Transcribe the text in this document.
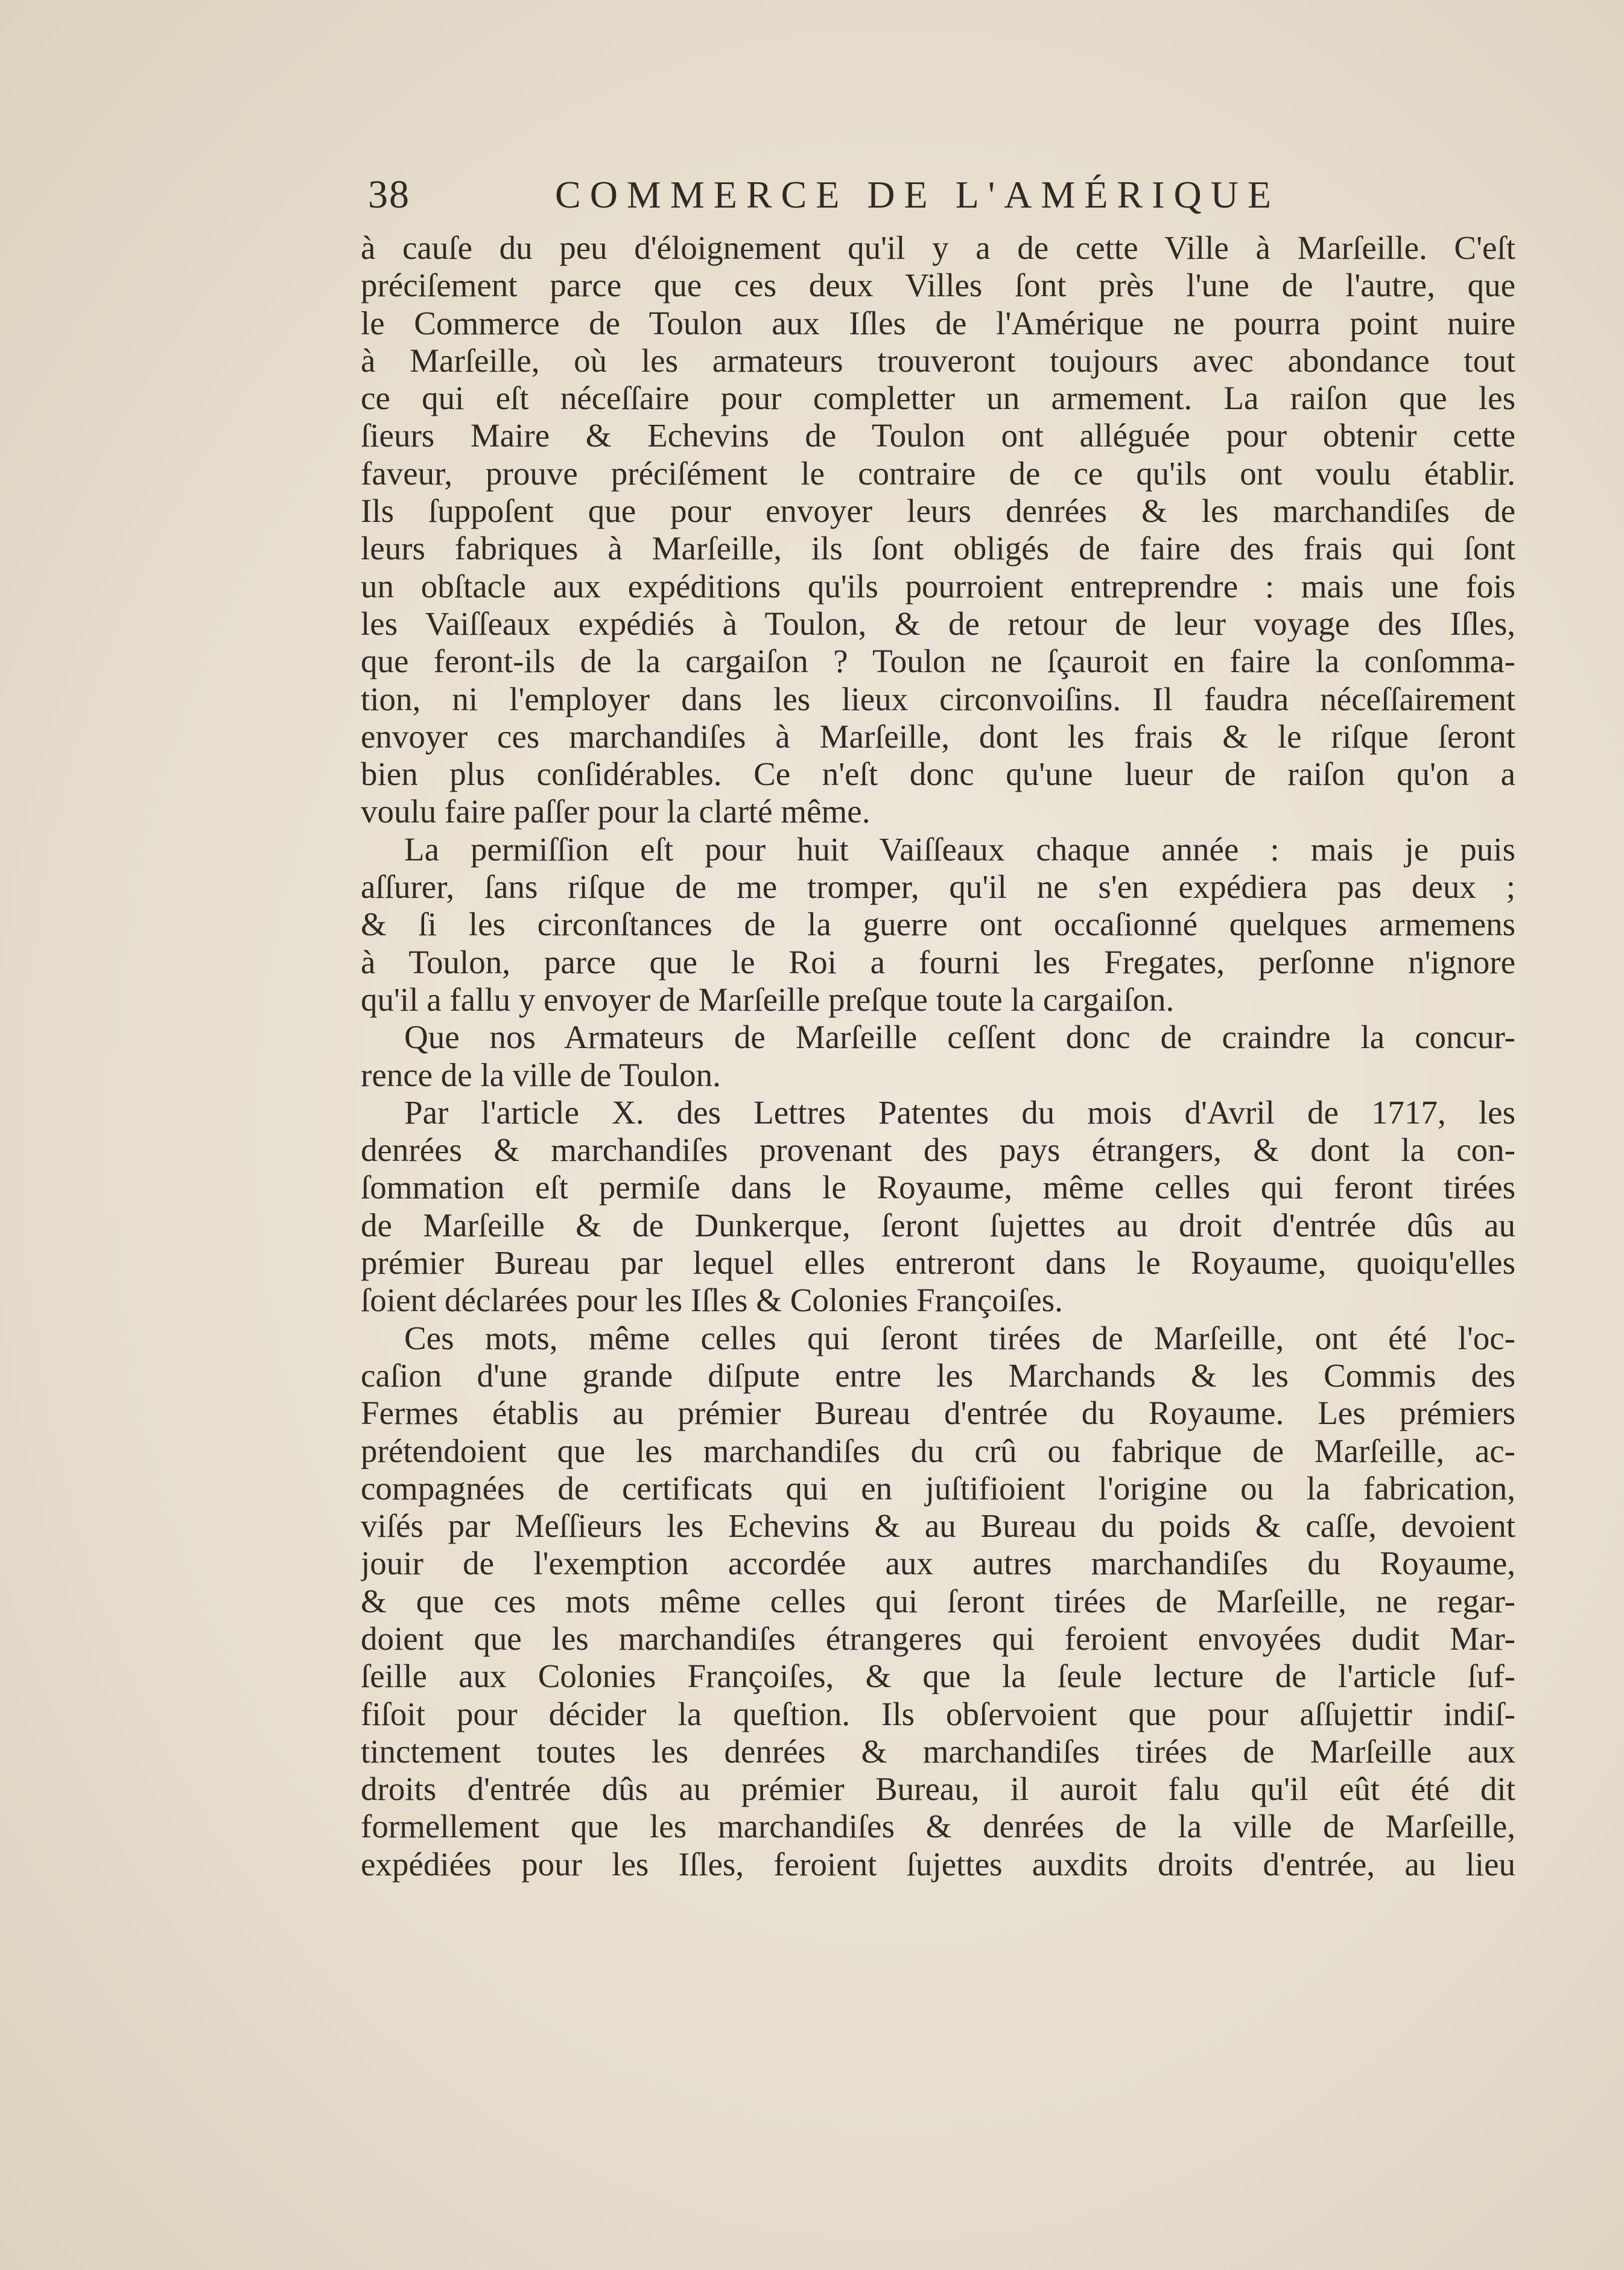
38	COMMERCE DE L'AMÉRIQUE
à cauſe du peu d'éloignement qu'il y a de cette Ville à Marſeille. C'eſt
préciſement parce que ces deux Villes ſont près l'une de l'autre, que
le Commerce de Toulon aux Iſles de l'Amérique ne pourra point nuire
à Marſeille, où les armateurs trouveront toujours avec abondance tout
ce qui eſt néceſſaire pour completter un armement. La raiſon que les
ſieurs Maire & Echevins de Toulon ont alléguée pour obtenir cette
faveur, prouve préciſément le contraire de ce qu'ils ont voulu établir.
Ils ſuppoſent que pour envoyer leurs denrées & les marchandiſes de
leurs fabriques à Marſeille, ils ſont obligés de faire des frais qui ſont
un obſtacle aux expéditions qu'ils pourroient entreprendre : mais une fois
les Vaiſſeaux expédiés à Toulon, & de retour de leur voyage des Iſles,
que feront-ils de la cargaiſon ? Toulon ne ſçauroit en faire la conſomma-
tion, ni l'employer dans les lieux circonvoiſins. Il faudra néceſſairement
envoyer ces marchandiſes à Marſeille, dont les frais & le riſque ſeront
bien plus conſidérables. Ce n'eſt donc qu'une lueur de raiſon qu'on a
voulu faire paſſer pour la clarté même.
La permiſſion eſt pour huit Vaiſſeaux chaque année : mais je puis
aſſurer, ſans riſque de me tromper, qu'il ne s'en expédiera pas deux ;
& ſi les circonſtances de la guerre ont occaſionné quelques armemens
à Toulon, parce que le Roi a fourni les Fregates, perſonne n'ignore
qu'il a fallu y envoyer de Marſeille preſque toute la cargaiſon.
Que nos Armateurs de Marſeille ceſſent donc de craindre la concur-
rence de la ville de Toulon.
Par l'article X. des Lettres Patentes du mois d'Avril de 1717, les
denrées & marchandiſes provenant des pays étrangers, & dont la con-
ſommation eſt permiſe dans le Royaume, même celles qui feront tirées
de Marſeille & de Dunkerque, ſeront ſujettes au droit d'entrée dûs au
prémier Bureau par lequel elles entreront dans le Royaume, quoiqu'elles
ſoient déclarées pour les Iſles & Colonies Françoiſes.
Ces mots, même celles qui ſeront tirées de Marſeille, ont été l'oc-
caſion d'une grande diſpute entre les Marchands & les Commis des
Fermes établis au prémier Bureau d'entrée du Royaume. Les prémiers
prétendoient que les marchandiſes du crû ou fabrique de Marſeille, ac-
compagnées de certificats qui en juſtifioient l'origine ou la fabrication,
viſés par Meſſieurs les Echevins & au Bureau du poids & caſſe, devoient
jouir de l'exemption accordée aux autres marchandiſes du Royaume,
& que ces mots même celles qui ſeront tirées de Marſeille, ne regar-
doient que les marchandiſes étrangeres qui feroient envoyées dudit Mar-
ſeille aux Colonies Françoiſes, & que la ſeule lecture de l'article ſuf-
fiſoit pour décider la queſtion. Ils obſervoient que pour aſſujettir indiſ-
tinctement toutes les denrées & marchandiſes tirées de Marſeille aux
droits d'entrée dûs au prémier Bureau, il auroit falu qu'il eût été dit
formellement que les marchandiſes & denrées de la ville de Marſeille,
expédiées pour les Iſles, feroient ſujettes auxdits droits d'entrée, au lieu
